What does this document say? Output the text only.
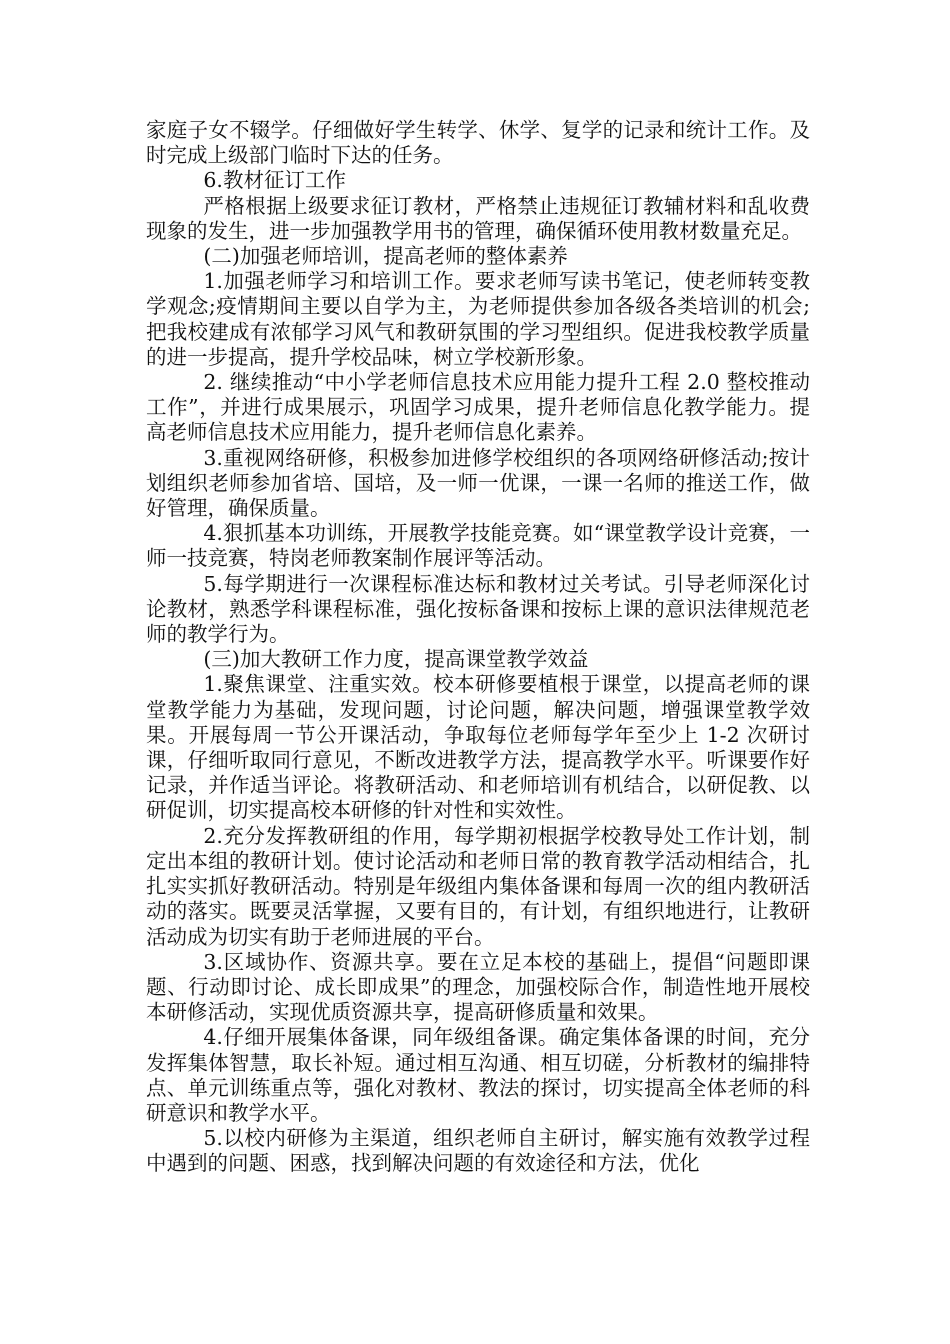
家庭子女不辍学。仔细做好学生转学、休学、复学的记录和统计工作。及时完成上级部门临时下达的任务。

6.教材征订工作

严格根据上级要求征订教材，严格禁止违规征订教辅材料和乱收费现象的发生，进一步加强教学用书的管理，确保循环使用教材数量充足。

(二)加强老师培训，提高老师的整体素养

1.加强老师学习和培训工作。要求老师写读书笔记，使老师转变教学观念;疫情期间主要以自学为主，为老师提供参加各级各类培训的机会;把我校建成有浓郁学习风气和教研氛围的学习型组织。促进我校教学质量的进一步提高，提升学校品味，树立学校新形象。

2. 继续推动“中小学老师信息技术应用能力提升工程 2.0 整校推动工作”，并进行成果展示，巩固学习成果，提升老师信息化教学能力。提高老师信息技术应用能力，提升老师信息化素养。

3.重视网络研修，积极参加进修学校组织的各项网络研修活动;按计划组织老师参加省培、国培，及一师一优课，一课一名师的推送工作，做好管理，确保质量。

4.狠抓基本功训练，开展教学技能竞赛。如“课堂教学设计竞赛，一师一技竞赛，特岗老师教案制作展评等活动。

5.每学期进行一次课程标准达标和教材过关考试。引导老师深化讨论教材，熟悉学科课程标准，强化按标备课和按标上课的意识法律规范老师的教学行为。

(三)加大教研工作力度，提高课堂教学效益

1.聚焦课堂、注重实效。校本研修要植根于课堂，以提高老师的课堂教学能力为基础，发现问题，讨论问题，解决问题，增强课堂教学效果。开展每周一节公开课活动，争取每位老师每学年至少上 1-2 次研讨课，仔细听取同行意见，不断改进教学方法，提高教学水平。听课要作好记录，并作适当评论。将教研活动、和老师培训有机结合，以研促教、以研促训，切实提高校本研修的针对性和实效性。

2.充分发挥教研组的作用，每学期初根据学校教导处工作计划，制定出本组的教研计划。使讨论活动和老师日常的教育教学活动相结合，扎扎实实抓好教研活动。特别是年级组内集体备课和每周一次的组内教研活动的落实。既要灵活掌握，又要有目的，有计划，有组织地进行，让教研活动成为切实有助于老师进展的平台。

3.区域协作、资源共享。要在立足本校的基础上，提倡“问题即课题、行动即讨论、成长即成果”的理念，加强校际合作，制造性地开展校本研修活动，实现优质资源共享，提高研修质量和效果。

4.仔细开展集体备课，同年级组备课。确定集体备课的时间，充分发挥集体智慧，取长补短。通过相互沟通、相互切磋，分析教材的编排特点、单元训练重点等，强化对教材、教法的探讨，切实提高全体老师的科研意识和教学水平。

5.以校内研修为主渠道，组织老师自主研讨，解实施有效教学过程中遇到的问题、困惑，找到解决问题的有效途径和方法，优化
